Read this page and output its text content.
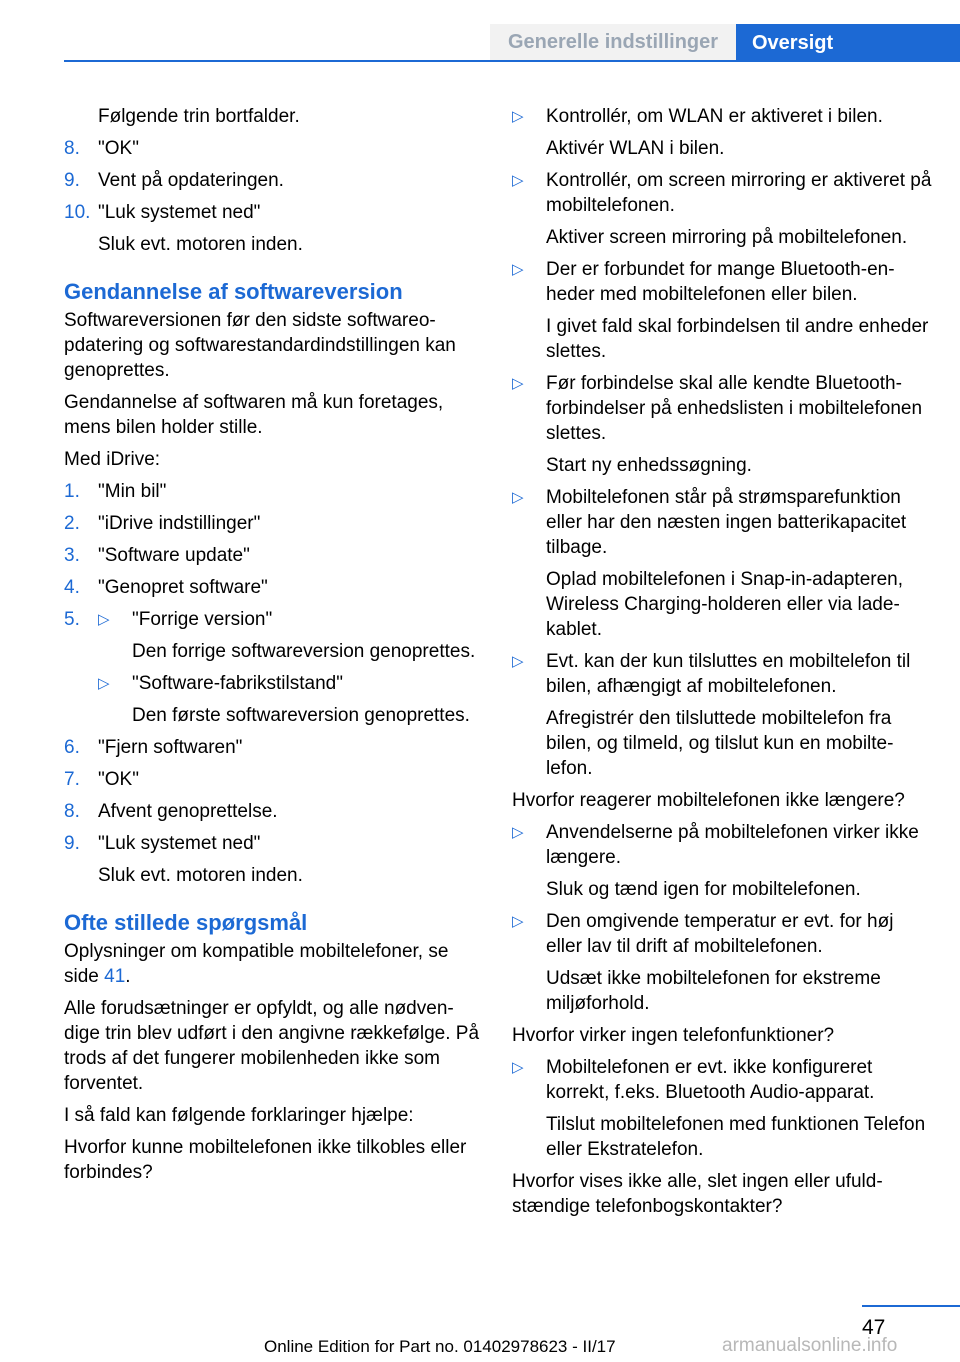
Generelle indstillinger	Oversigt
Følgende trin bortfalder.
8. "OK"
9. Vent på opdateringen.
10. "Luk systemet ned"
Sluk evt. motoren inden.
Gendannelse af softwareversion
Softwareversionen før den sidste softwareopdatering og softwarestandardindstillingen kan genoprettes.
Gendannelse af softwaren må kun foretages, mens bilen holder stille.
Med iDrive:
1. "Min bil"
2. "iDrive indstillinger"
3. "Software update"
4. "Genopret software"
5. ▷ "Forrige version"
Den forrige softwareversion genoprettes.
▷ "Software-fabrikstilstand"
Den første softwareversion genoprettes.
6. "Fjern softwaren"
7. "OK"
8. Afvent genoprettelse.
9. "Luk systemet ned"
Sluk evt. motoren inden.
Ofte stillede spørgsmål
Oplysninger om kompatible mobiltelefoner, se side 41.
Alle forudsætninger er opfyldt, og alle nødvendige trin blev udført i den angivne rækkefølge. På trods af det fungerer mobilenheden ikke som forventet.
I så fald kan følgende forklaringer hjælpe:
Hvorfor kunne mobiltelefonen ikke tilkobles eller forbindes?
▷ Kontrollér, om WLAN er aktiveret i bilen.
Aktivér WLAN i bilen.
▷ Kontrollér, om screen mirroring er aktiveret på mobiltelefonen.
Aktiver screen mirroring på mobiltelefonen.
▷ Der er forbundet for mange Bluetooth-enheder med mobiltelefonen eller bilen.
I givet fald skal forbindelsen til andre enheder slettes.
▷ Før forbindelse skal alle kendte Bluetooth-forbindelser på enhedslisten i mobiltelefonen slettes.
Start ny enhedssøgning.
▷ Mobiltelefonen står på strømsparefunktion eller har den næsten ingen batterikapacitet tilbage.
Oplad mobiltelefonen i Snap-in-adapteren, Wireless Charging-holderen eller via ladekablet.
▷ Evt. kan der kun tilsluttes en mobiltelefon til bilen, afhængigt af mobiltelefonen.
Afregistrér den tilsluttede mobiltelefon fra bilen, og tilmeld, og tilslut kun en mobiltelefon.
Hvorfor reagerer mobiltelefonen ikke længere?
▷ Anvendelserne på mobiltelefonen virker ikke længere.
Sluk og tænd igen for mobiltelefonen.
▷ Den omgivende temperatur er evt. for høj eller lav til drift af mobiltelefonen.
Udsæt ikke mobiltelefonen for ekstreme miljøforhold.
Hvorfor virker ingen telefonfunktioner?
▷ Mobiltelefonen er evt. ikke konfigureret korrekt, f.eks. Bluetooth Audio-apparat.
Tilslut mobiltelefonen med funktionen Telefon eller Ekstratelefon.
Hvorfor vises ikke alle, slet ingen eller ufuldstændige telefonbogskontakter?
47
Online Edition for Part no. 01402978623 - II/17	armanualsonline.info
